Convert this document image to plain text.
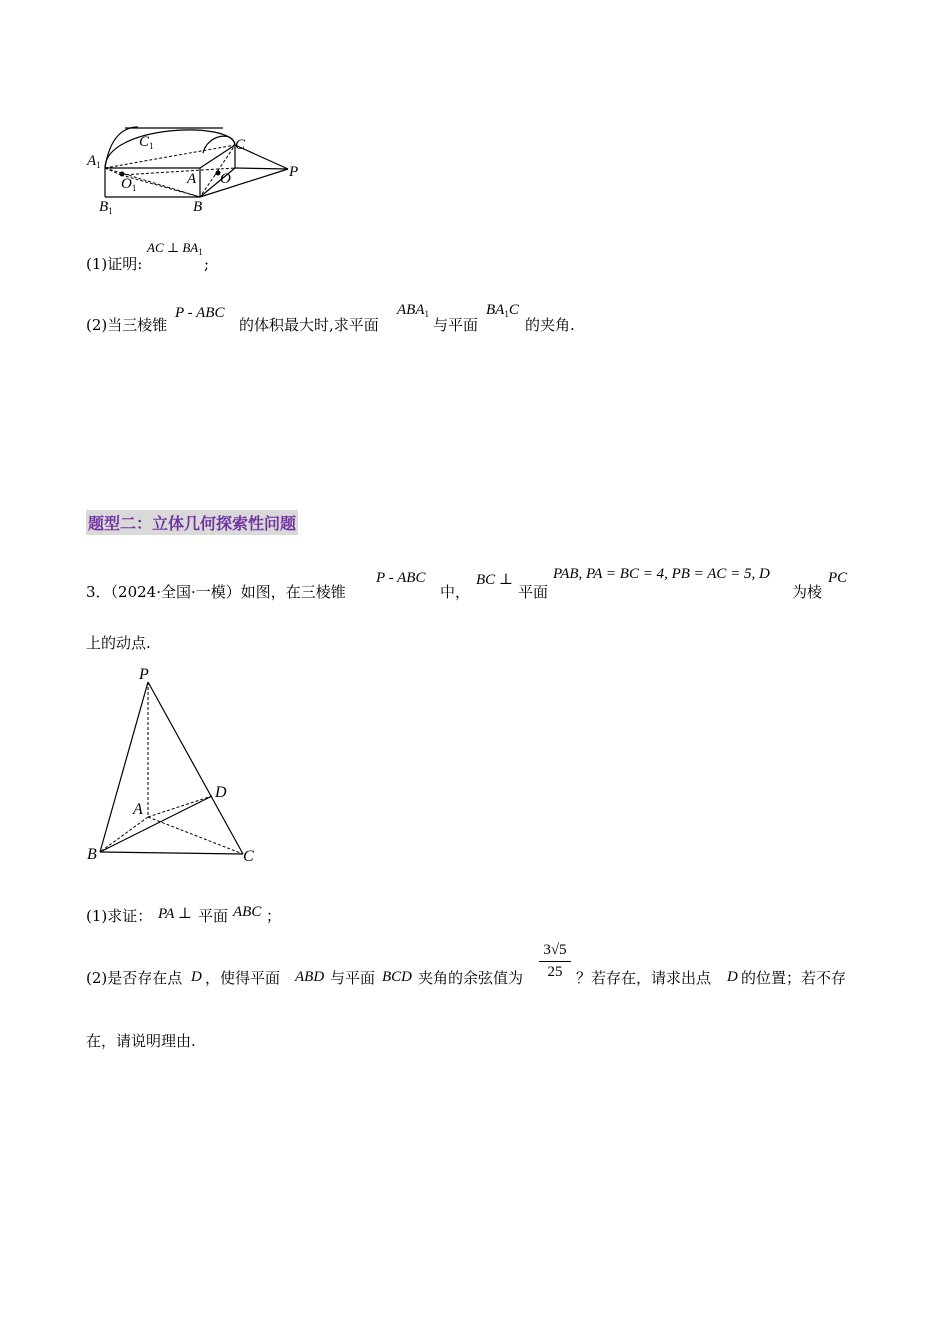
$A_1$
$C_1$
$O_1$
$B_1$
A O
B
C
P
(1)证明:
AC ⊥ $BA_1$
;
(2)当三棱锥
P - ABC
的体积最大时,求平面
$ABA_1$
与平面
$BA_1C$
的夹角.
题型二：立体几何探索性问题
3．（2024·全国·一模）如图，在三棱锥
P - ABC
中，
BC ⊥
平面
PAB, PA = BC = 4, PB = AC = 5, D
为棱
PC
上的动点.
P
A
D
B	C
(1)求证： PA ⊥ 平面 ABC ；
(2)是否存在点 D ，使得平面 ABD 与平面 BCD 夹角的余弦值为
3√5
25 ？若存在，请求出点 D 的位置；若不存
在，请说明理由.
